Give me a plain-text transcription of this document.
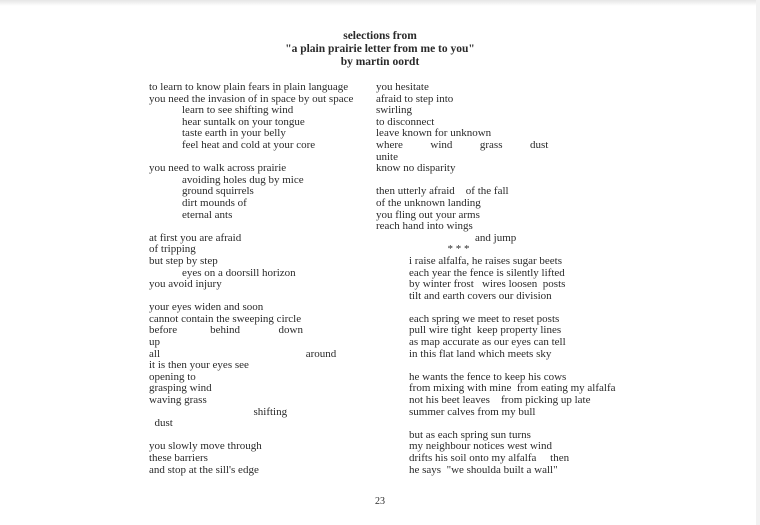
selections from
"a plain prairie letter from me to you"
by martin oordt
to learn to know plain fears in plain language
you need the invasion of in space by out space
learn to see shifting wind
hear suntalk on your tongue
taste earth in your belly
feel heat and cold at your core
you need to walk across prairie
avoiding holes dug by mice
ground squirrels
dirt mounds of
eternal ants
at first you are afraid
of tripping
but step by step
eyes on a doorsill horizon
you avoid injury
your eyes widen and soon
cannot contain the sweeping circle
before            behind              down
up
all                                                     around
it is then your eyes see
opening to
grasping wind
waving grass
shifting
dust
you slowly move through
these barriers
and stop at the sill's edge
you hesitate
afraid to step into
swirling
to disconnect
leave known for unknown
where          wind          grass          dust
unite
know no disparity
then utterly afraid    of the fall
of the unknown landing
you fling out your arms
reach hand into wings
and jump
* * *
i raise alfalfa, he raises sugar beets
each year the fence is silently lifted
by winter frost   wires loosen  posts
tilt and earth covers our division
each spring we meet to reset posts
pull wire tight  keep property lines
as map accurate as our eyes can tell
in this flat land which meets sky
he wants the fence to keep his cows
from mixing with mine  from eating my alfalfa
not his beet leaves    from picking up late
summer calves from my bull
but as each spring sun turns
my neighbour notices west wind
drifts his soil onto my alfalfa     then
he says  "we shoulda built a wall"
23
